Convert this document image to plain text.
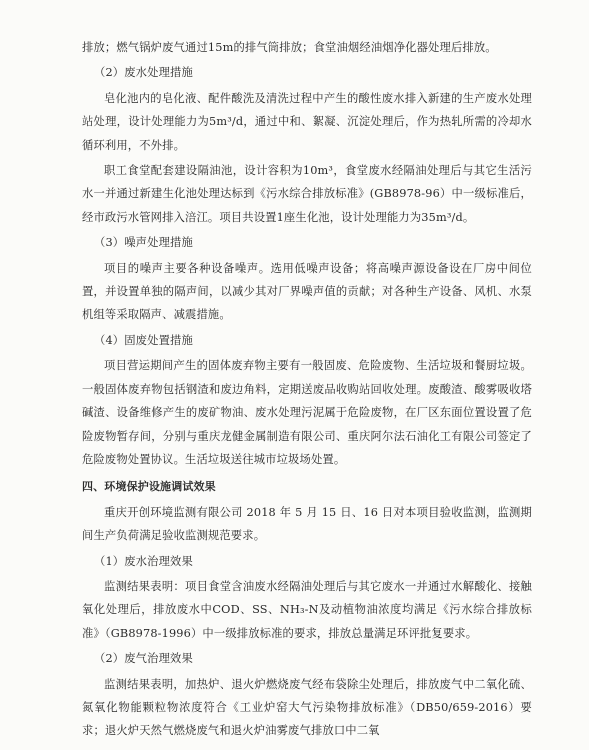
排放；燃气锅炉废气通过15m的排气筒排放；食堂油烟经油烟净化器处理后排放。

（2）废水处理措施

皂化池内的皂化液、配件酸洗及清洗过程中产生的酸性废水排入新建的生产废水处理站处理，设计处理能力为5m³/d，通过中和、絮凝、沉淀处理后，作为热轧所需的冷却水循环利用，不外排。

职工食堂配套建设隔油池，设计容积为10m³，食堂废水经隔油处理后与其它生活污水一并通过新建生化池处理达标到《污水综合排放标准》(GB8978-96）中一级标准后，经市政污水管网排入涪江。项目共设置1座生化池，设计处理能力为35m³/d。

（3）噪声处理措施

项目的噪声主要各种设备噪声。选用低噪声设备；将高噪声源设备设在厂房中间位置，并设置单独的隔声间，以减少其对厂界噪声值的贡献；对各种生产设备、风机、水泵机组等采取隔声、减震措施。

（4）固废处置措施

项目营运期间产生的固体废弃物主要有一般固废、危险废物、生活垃圾和餐厨垃圾。一般固体废弃物包括钢渣和废边角料，定期送废品收购站回收处理。废酸渣、酸雾吸收塔碱渣、设备维修产生的废矿物油、废水处理污泥属于危险废物，在厂区东面位置设置了危险废物暂存间，分别与重庆龙健金属制造有限公司、重庆阿尔法石油化工有限公司签定了危险废物处置协议。生活垃圾送往城市垃圾场处置。

四、环境保护设施调试效果

重庆开创环境监测有限公司 2018 年 5 月 15 日、16 日对本项目验收监测，监测期间生产负荷满足验收监测规范要求。

（1）废水治理效果

监测结果表明：项目食堂含油废水经隔油处理后与其它废水一并通过水解酸化、接触氧化处理后，排放废水中COD、SS、NH₃-N及动植物油浓度均满足《污水综合排放标准》（GB8978-1996）中一级排放标准的要求，排放总量满足环评批复要求。

（2）废气治理效果

监测结果表明，加热炉、退火炉燃烧废气经布袋除尘处理后，排放废气中二氧化硫、氮氧化物能颗粒物浓度符合《工业炉窑大气污染物排放标准》（DB50/659-2016）要求；退火炉天然气燃烧废气和退火炉油雾废气排放口中二氧
